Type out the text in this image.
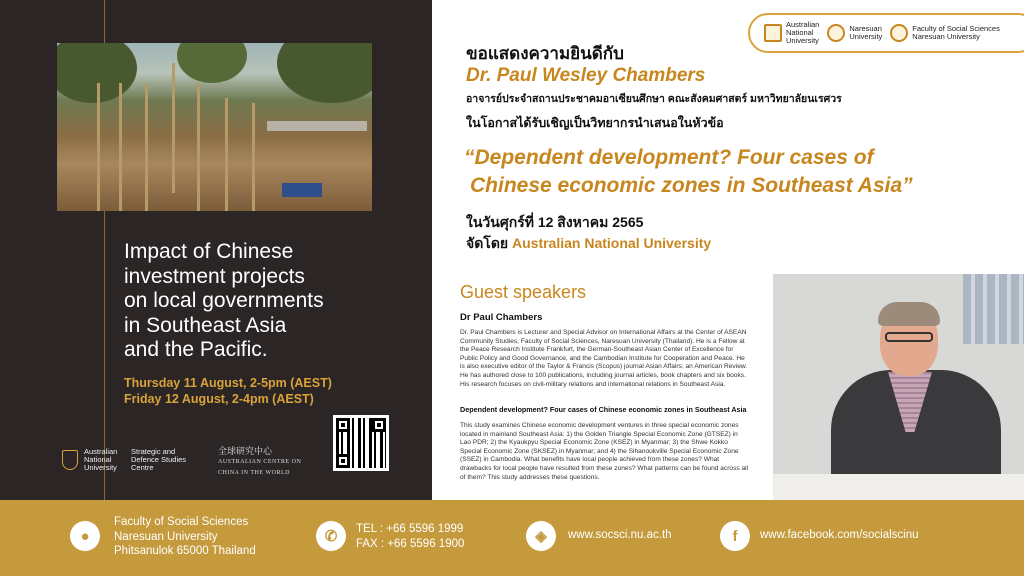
Impact of Chinese
investment projects
on local governments
in Southeast Asia
and the Pacific.
Thursday 11 August, 2-5pm (AEST)
Friday 12 August, 2-4pm (AEST)
Australian
National
University
Strategic and
Defence Studies
Centre
全球研究中心
AUSTRALIAN CENTRE ON
CHINA IN THE WORLD
Australian
National
University
Naresuan
University
Faculty of Social Sciences
Naresuan University
ขอแสดงความยินดีกับ
Dr. Paul Wesley Chambers
อาจารย์ประจำสถานประชาคมอาเซียนศึกษา คณะสังคมศาสตร์ มหาวิทยาลัยนเรศวร
ในโอกาสได้รับเชิญเป็นวิทยากรนำเสนอในหัวข้อ
“Dependent development? Four cases of
Chinese economic zones in Southeast Asia”
ในวันศุกร์ที่ 12 สิงหาคม 2565
จัดโดย Australian National University
Guest speakers
Dr Paul Chambers
Dr. Paul Chambers is Lecturer and Special Advisor on International Affairs at the Center of ASEAN Community Studies, Faculty of Social Sciences, Naresuan University (Thailand). He is a Fellow at the Peace Research Institute Frankfurt, the German-Southeast Asian Center of Excellence for Public Policy and Good Governance, and the Cambodian Institute for Cooperation and Peace. He is also executive editor of the Taylor & Francis (Scopus) journal Asian Affairs: an American Review. He has authored close to 100 publications, including journal articles, book chapters and six books. His research focuses on civil-military relations and international relations in Southeast Asia.
Dependent development? Four cases of Chinese economic zones in Southeast Asia
This study examines Chinese economic development ventures in three special economic zones located in mainland Southeast Asia: 1) the Golden Triangle Special Economic Zone (GTSEZ) in Lao PDR; 2) the Kyaukpyu Special Economic Zone (KSEZ) in Myanmar; 3) the Shwe Kokko Special Economic Zone (SKSEZ) in Myanmar; and 4) the Sihanoukville Special Economic Zone (SSEZ) in Cambodia. What benefits have local people achieved from these zones? What drawbacks for local people have resulted from these zones? What patterns can be found across all of them? This study addresses these questions.
●
Faculty of Social Sciences
Naresuan University
Phitsanulok 65000 Thailand
✆	TEL : +66 5596 1999
FAX : +66 5596 1900	◈	www.socsci.nu.ac.th	f	www.facebook.com/socialscinu
